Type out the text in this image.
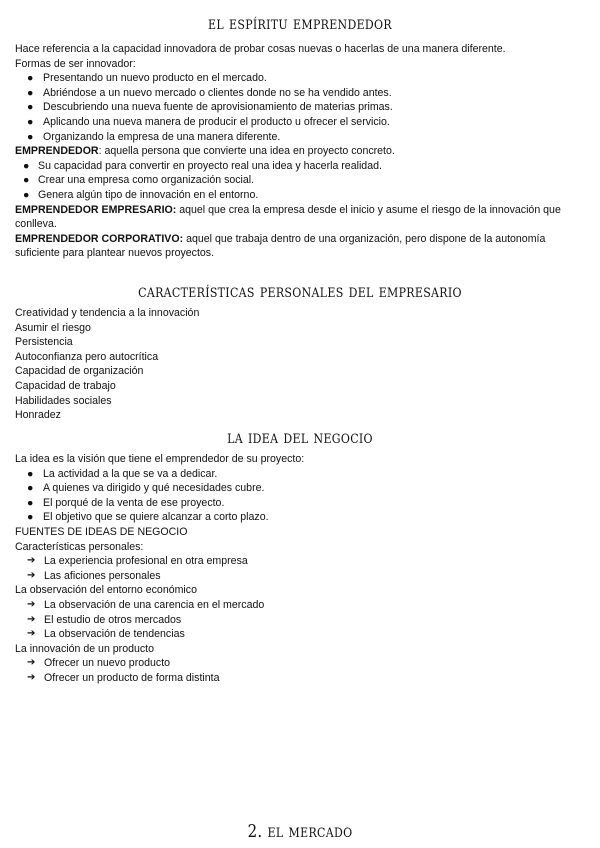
el espíritu emprendedor
Hace referencia a la capacidad innovadora de probar cosas nuevas o hacerlas de una manera diferente.
Formas de ser innovador:
● Presentando un nuevo producto en el mercado.
● Abriéndose a un nuevo mercado o clientes donde no se ha vendido antes.
● Descubriendo una nueva fuente de aprovisionamiento de materias primas.
● Aplicando una nueva manera de producir el producto u ofrecer el servicio.
● Organizando la empresa de una manera diferente.
EMPRENDEDOR: aquella persona que convierte una idea en proyecto concreto.
● Su capacidad para convertir en proyecto real una idea y hacerla realidad.
● Crear una empresa como organización social.
● Genera algún tipo de innovación en el entorno.
EMPRENDEDOR EMPRESARIO: aquel que crea la empresa desde el inicio y asume el riesgo de la innovación que conlleva.
EMPRENDEDOR CORPORATIVO: aquel que trabaja dentro de una organización, pero dispone de la autonomía suficiente para plantear nuevos proyectos.
características personales del empresario
Creatividad y tendencia a la innovación
Asumir el riesgo
Persistencia
Autoconfianza pero autocrítica
Capacidad de organización
Capacidad de trabajo
Habilidades sociales
Honradez
la idea del negocio
La idea es la visión que tiene el emprendedor de su proyecto:
● La actividad a la que se va a dedicar.
● A quienes va dirigido y qué necesidades cubre.
● El porqué de la venta de ese proyecto.
● El objetivo que se quiere alcanzar a corto plazo.
FUENTES DE IDEAS DE NEGOCIO
Características personales:
➔ La experiencia profesional en otra empresa
➔ Las aficiones personales
La observación del entorno económico
➔ La observación de una carencia en el mercado
➔ El estudio de otros mercados
➔ La observación de tendencias
La innovación de un producto
➔ Ofrecer un nuevo producto
➔ Ofrecer un producto de forma distinta
2. el mercado
